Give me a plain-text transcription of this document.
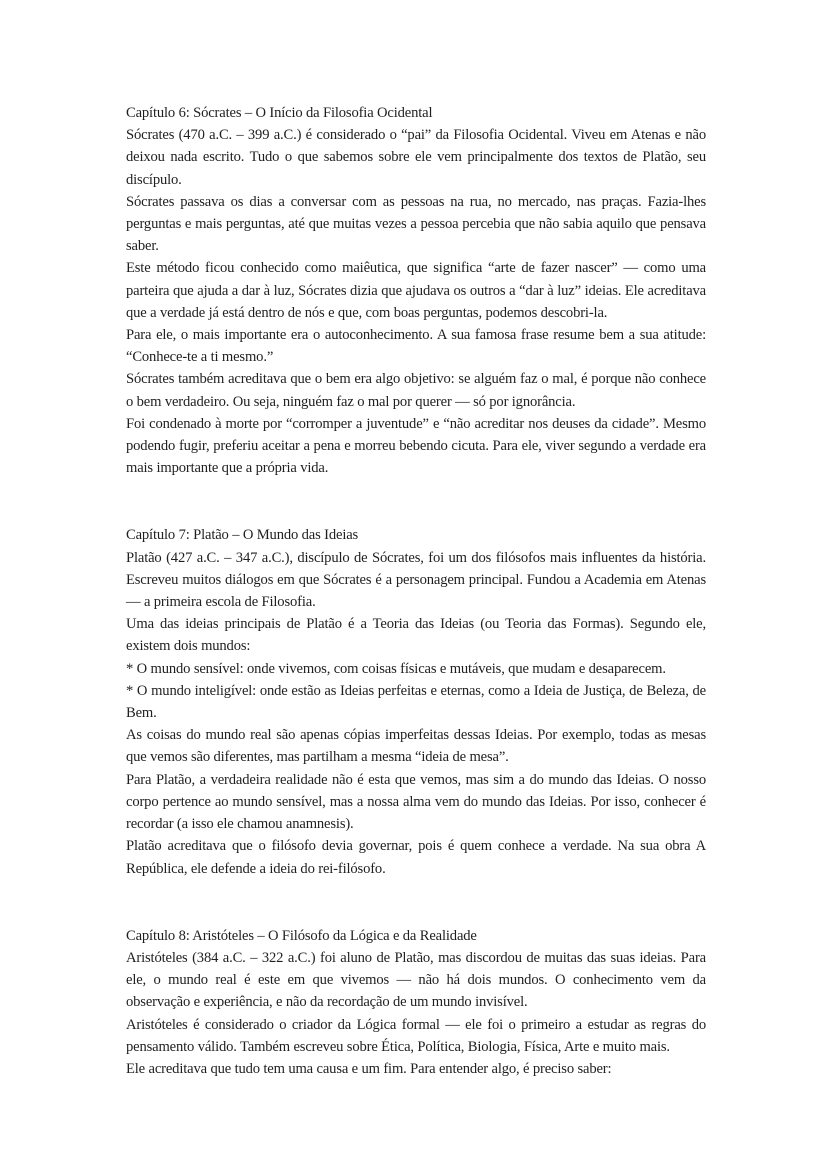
Capítulo 6: Sócrates – O Início da Filosofia Ocidental

Sócrates (470 a.C. – 399 a.C.) é considerado o “pai” da Filosofia Ocidental. Viveu em Atenas e não deixou nada escrito. Tudo o que sabemos sobre ele vem principalmente dos textos de Platão, seu discípulo.

Sócrates passava os dias a conversar com as pessoas na rua, no mercado, nas praças. Fazia-lhes perguntas e mais perguntas, até que muitas vezes a pessoa percebia que não sabia aquilo que pensava saber.

Este método ficou conhecido como maiêutica, que significa “arte de fazer nascer” — como uma parteira que ajuda a dar à luz, Sócrates dizia que ajudava os outros a “dar à luz” ideias. Ele acreditava que a verdade já está dentro de nós e que, com boas perguntas, podemos descobri-la.

Para ele, o mais importante era o autoconhecimento. A sua famosa frase resume bem a sua atitude: “Conhece-te a ti mesmo.”

Sócrates também acreditava que o bem era algo objetivo: se alguém faz o mal, é porque não conhece o bem verdadeiro. Ou seja, ninguém faz o mal por querer — só por ignorância.

Foi condenado à morte por “corromper a juventude” e “não acreditar nos deuses da cidade”. Mesmo podendo fugir, preferiu aceitar a pena e morreu bebendo cicuta. Para ele, viver segundo a verdade era mais importante que a própria vida.

Capítulo 7: Platão – O Mundo das Ideias

Platão (427 a.C. – 347 a.C.), discípulo de Sócrates, foi um dos filósofos mais influentes da história. Escreveu muitos diálogos em que Sócrates é a personagem principal. Fundou a Academia em Atenas — a primeira escola de Filosofia.

Uma das ideias principais de Platão é a Teoria das Ideias (ou Teoria das Formas). Segundo ele, existem dois mundos:

* O mundo sensível: onde vivemos, com coisas físicas e mutáveis, que mudam e desaparecem.

* O mundo inteligível: onde estão as Ideias perfeitas e eternas, como a Ideia de Justiça, de Beleza, de Bem.

As coisas do mundo real são apenas cópias imperfeitas dessas Ideias. Por exemplo, todas as mesas que vemos são diferentes, mas partilham a mesma “ideia de mesa”.

Para Platão, a verdadeira realidade não é esta que vemos, mas sim a do mundo das Ideias. O nosso corpo pertence ao mundo sensível, mas a nossa alma vem do mundo das Ideias. Por isso, conhecer é recordar (a isso ele chamou anamnesis).

Platão acreditava que o filósofo devia governar, pois é quem conhece a verdade. Na sua obra A República, ele defende a ideia do rei-filósofo.

Capítulo 8: Aristóteles – O Filósofo da Lógica e da Realidade

Aristóteles (384 a.C. – 322 a.C.) foi aluno de Platão, mas discordou de muitas das suas ideias. Para ele, o mundo real é este em que vivemos — não há dois mundos. O conhecimento vem da observação e experiência, e não da recordação de um mundo invisível.

Aristóteles é considerado o criador da Lógica formal — ele foi o primeiro a estudar as regras do pensamento válido. Também escreveu sobre Ética, Política, Biologia, Física, Arte e muito mais.

Ele acreditava que tudo tem uma causa e um fim. Para entender algo, é preciso saber:
